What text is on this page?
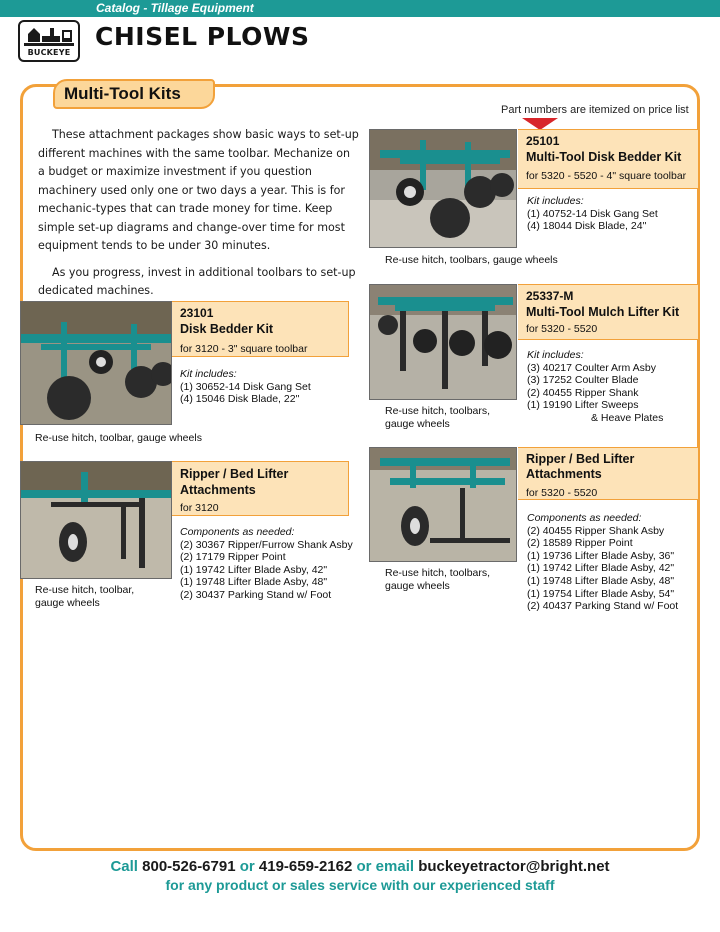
Catalog - Tillage Equipment
BUCKEYE
CHISEL PLOWS
Multi-Tool Kits
Part numbers are itemized on price list

These attachment packages show basic ways to set-up different machines with the same toolbar. Mechanize on a budget or maximize investment if you question machinery used only one or two days a year. This is for mechanic-types that can trade money for time. Keep simple set-up diagrams and change-over time for most equipment tends to be under 30 minutes.

As you progress, invest in additional toolbars to set-up dedicated machines.

25101
Multi-Tool Disk Bedder Kit
for 5320 - 5520 - 4" square toolbar
Kit includes:
(1) 40752-14 Disk Gang Set
(4) 18044 Disk Blade, 24"
Re-use hitch, toolbars, gauge wheels
25337-M
Multi-Tool Mulch Lifter Kit
for 5320 - 5520
Kit includes:
(3) 40217 Coulter Arm Asby
(3) 17252 Coulter Blade
(2) 40455 Ripper Shank
(1) 19190 Lifter Sweeps
& Heave Plates
Re-use hitch, toolbars,
gauge wheels
23101
Disk Bedder Kit
for 3120 - 3" square toolbar
Kit includes:
(1) 30652-14 Disk Gang Set
(4) 15046 Disk Blade, 22"
Re-use hitch, toolbar, gauge wheels
Ripper / Bed Lifter
Attachments
for 5320 - 5520
Components as needed:
(2) 40455 Ripper Shank Asby
(2) 18589 Ripper Point
(1) 19736 Lifter Blade Asby, 36"
(1) 19742 Lifter Blade Asby, 42"
(1) 19748 Lifter Blade Asby, 48"
(1) 19754 Lifter Blade Asby, 54"
(2) 40437 Parking Stand w/ Foot
Re-use hitch, toolbars,
gauge wheels
Ripper / Bed Lifter
Attachments
for 3120
Components as needed:
(2) 30367 Ripper/Furrow Shank Asby
(2) 17179 Ripper Point
(1) 19742 Lifter Blade Asby, 42"
(1) 19748 Lifter Blade Asby, 48"
(2) 30437 Parking Stand w/ Foot
Re-use hitch, toolbar,
gauge wheels
Call 800-526-6791 or 419-659-2162 or email buckeyetractor@bright.net
for any product or sales service with our experienced staff
